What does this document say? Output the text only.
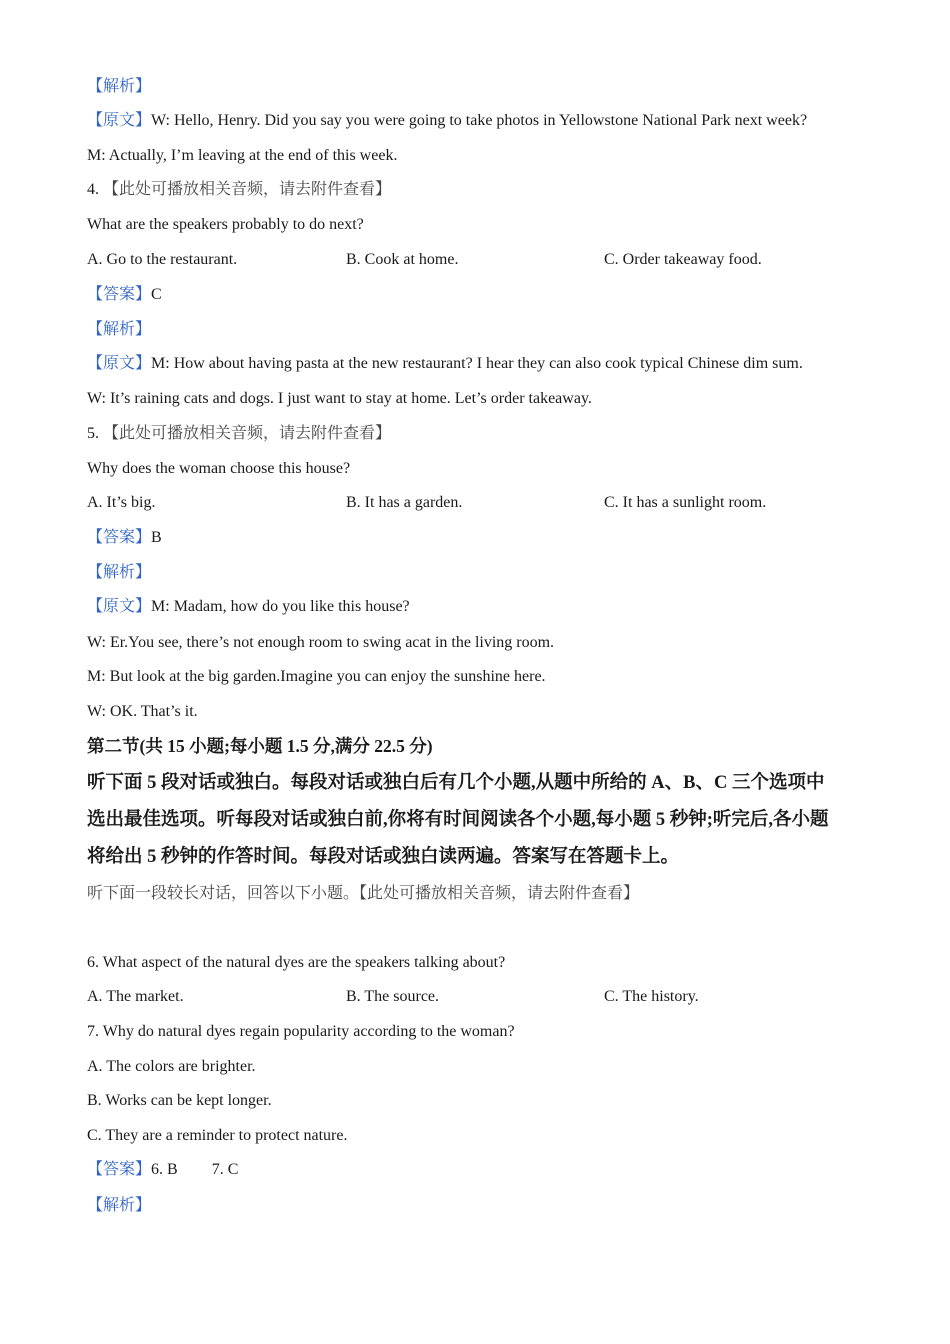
【解析】
【原文】W: Hello, Henry. Did you say you were going to take photos in Yellowstone National Park next week?
M: Actually, I’m leaving at the end of this week.
4. 【此处可播放相关音频，请去附件查看】
What are the speakers probably to do next?
A. Go to the restaurant.	B. Cook at home.	C. Order takeaway food.
【答案】C
【解析】
【原文】M: How about having pasta at the new restaurant? I hear they can also cook typical Chinese dim sum.
W: It’s raining cats and dogs. I just want to stay at home. Let’s order takeaway.
5. 【此处可播放相关音频，请去附件查看】
Why does the woman choose this house?
A. It’s big.	B. It has a garden.	C. It has a sunlight room.
【答案】B
【解析】
【原文】M: Madam, how do you like this house?
W: Er.You see, there’s not enough room to swing acat in the living room.
M: But look at the big garden.Imagine you can enjoy the sunshine here.
W: OK. That’s it.
第二节(共 15 小题;每小题 1.5 分,满分 22.5 分)
听下面 5 段对话或独白。每段对话或独白后有几个小题,从题中所给的 A、B、C 三个选项中
选出最佳选项。听每段对话或独白前,你将有时间阅读各个小题,每小题 5 秒钟;听完后,各小题
将给出 5 秒钟的作答时间。每段对话或独白读两遍。答案写在答题卡上。
听下面一段较长对话，回答以下小题。【此处可播放相关音频，请去附件查看】
6. What aspect of the natural dyes are the speakers talking about?
A. The market.	B. The source.	C. The history.
7. Why do natural dyes regain popularity according to the woman?
A. The colors are brighter.
B. Works can be kept longer.
C. They are a reminder to protect nature.
【答案】6. B 7. C
【解析】
